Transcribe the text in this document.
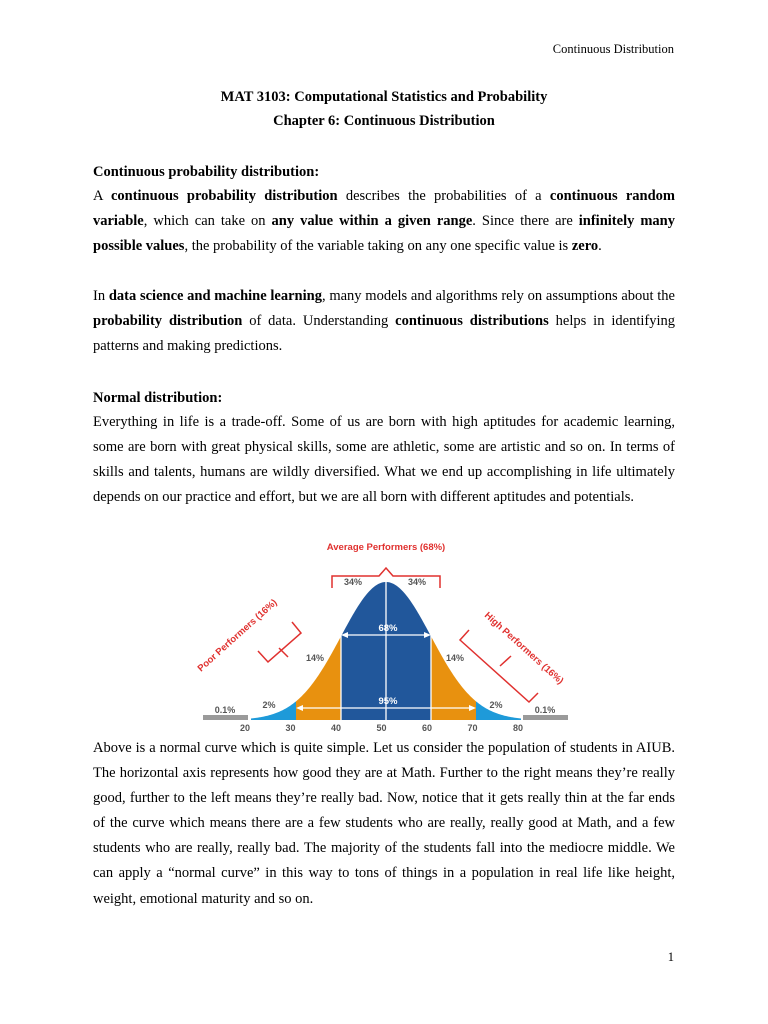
Continuous Distribution
MAT 3103: Computational Statistics and Probability
Chapter 6: Continuous Distribution
Continuous probability distribution:

A continuous probability distribution describes the probabilities of a continuous random variable, which can take on any value within a given range. Since there are infinitely many possible values, the probability of the variable taking on any one specific value is zero.

In data science and machine learning, many models and algorithms rely on assumptions about the probability distribution of data. Understanding continuous distributions helps in identifying patterns and making predictions.

Normal distribution:

Everything in life is a trade-off. Some of us are born with high aptitudes for academic learning, some are born with great physical skills, some are athletic, some are artistic and so on. In terms of skills and talents, humans are wildly diversified. What we end up accomplishing in life ultimately depends on our practice and effort, but we are all born with different aptitudes and potentials.

68%
95%
34%	34%
14%	14%
2%	2%
0.1%	0.1%
Average Performers (68%)
Poor Performers (16%)	High Performers (16%)
20	30	40	50	60	70	80

Above is a normal curve which is quite simple. Let us consider the population of students in AIUB. The horizontal axis represents how good they are at Math. Further to the right means they’re really good, further to the left means they’re really bad. Now, notice that it gets really thin at the far ends of the curve which means there are a few students who are really, really good at Math, and a few students who are really, really bad. The majority of the students fall into the mediocre middle. We can apply a “normal curve” in this way to tons of things in a population in real life like height, weight, emotional maturity and so on.

1
